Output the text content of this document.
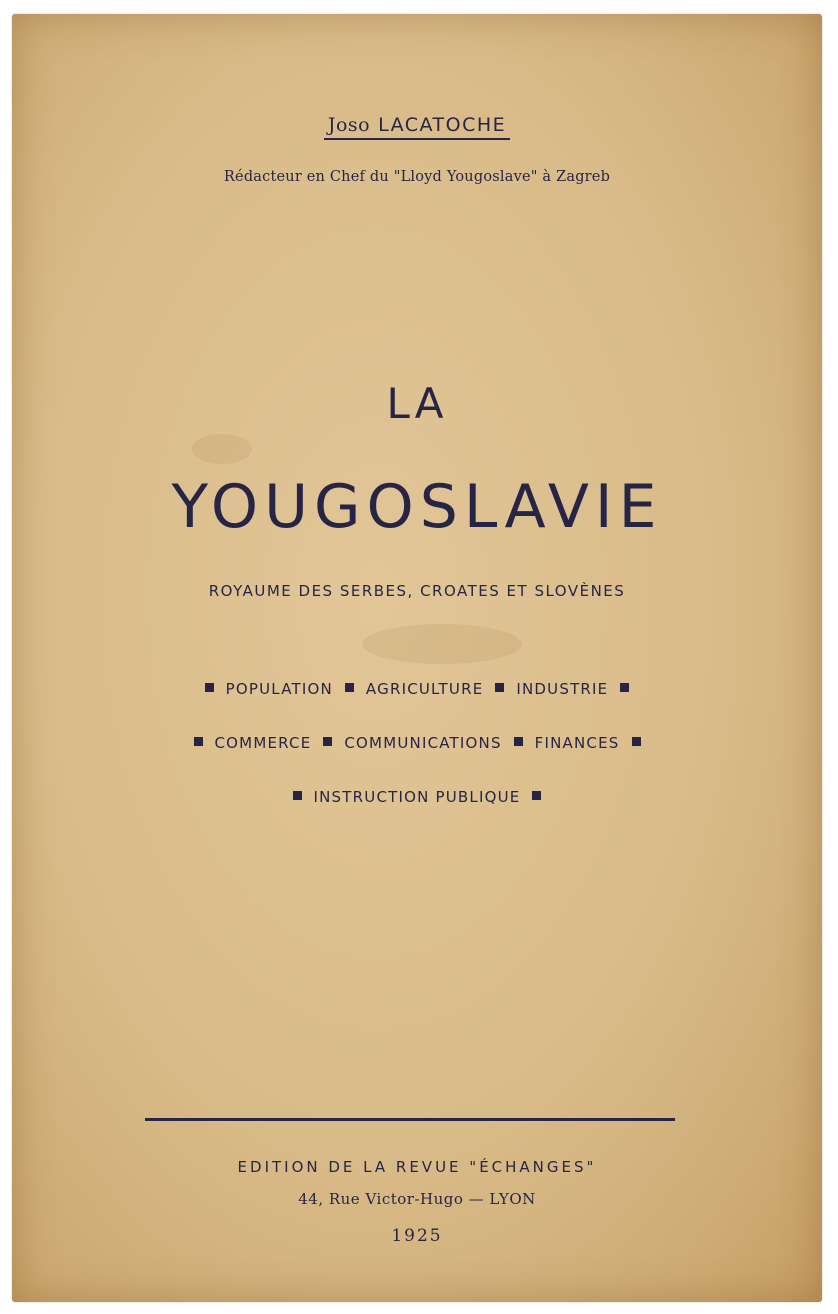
Joso LACATOCHE
Rédacteur en Chef du "Lloyd Yougoslave" à Zagreb
LA
YOUGOSLAVIE
ROYAUME DES SERBES, CROATES ET SLOVÈNES
POPULATION AGRICULTURE INDUSTRIE
COMMERCE COMMUNICATIONS FINANCES
INSTRUCTION PUBLIQUE
EDITION DE LA REVUE "ÉCHANGES"
44, Rue Victor-Hugo — LYON
1925
